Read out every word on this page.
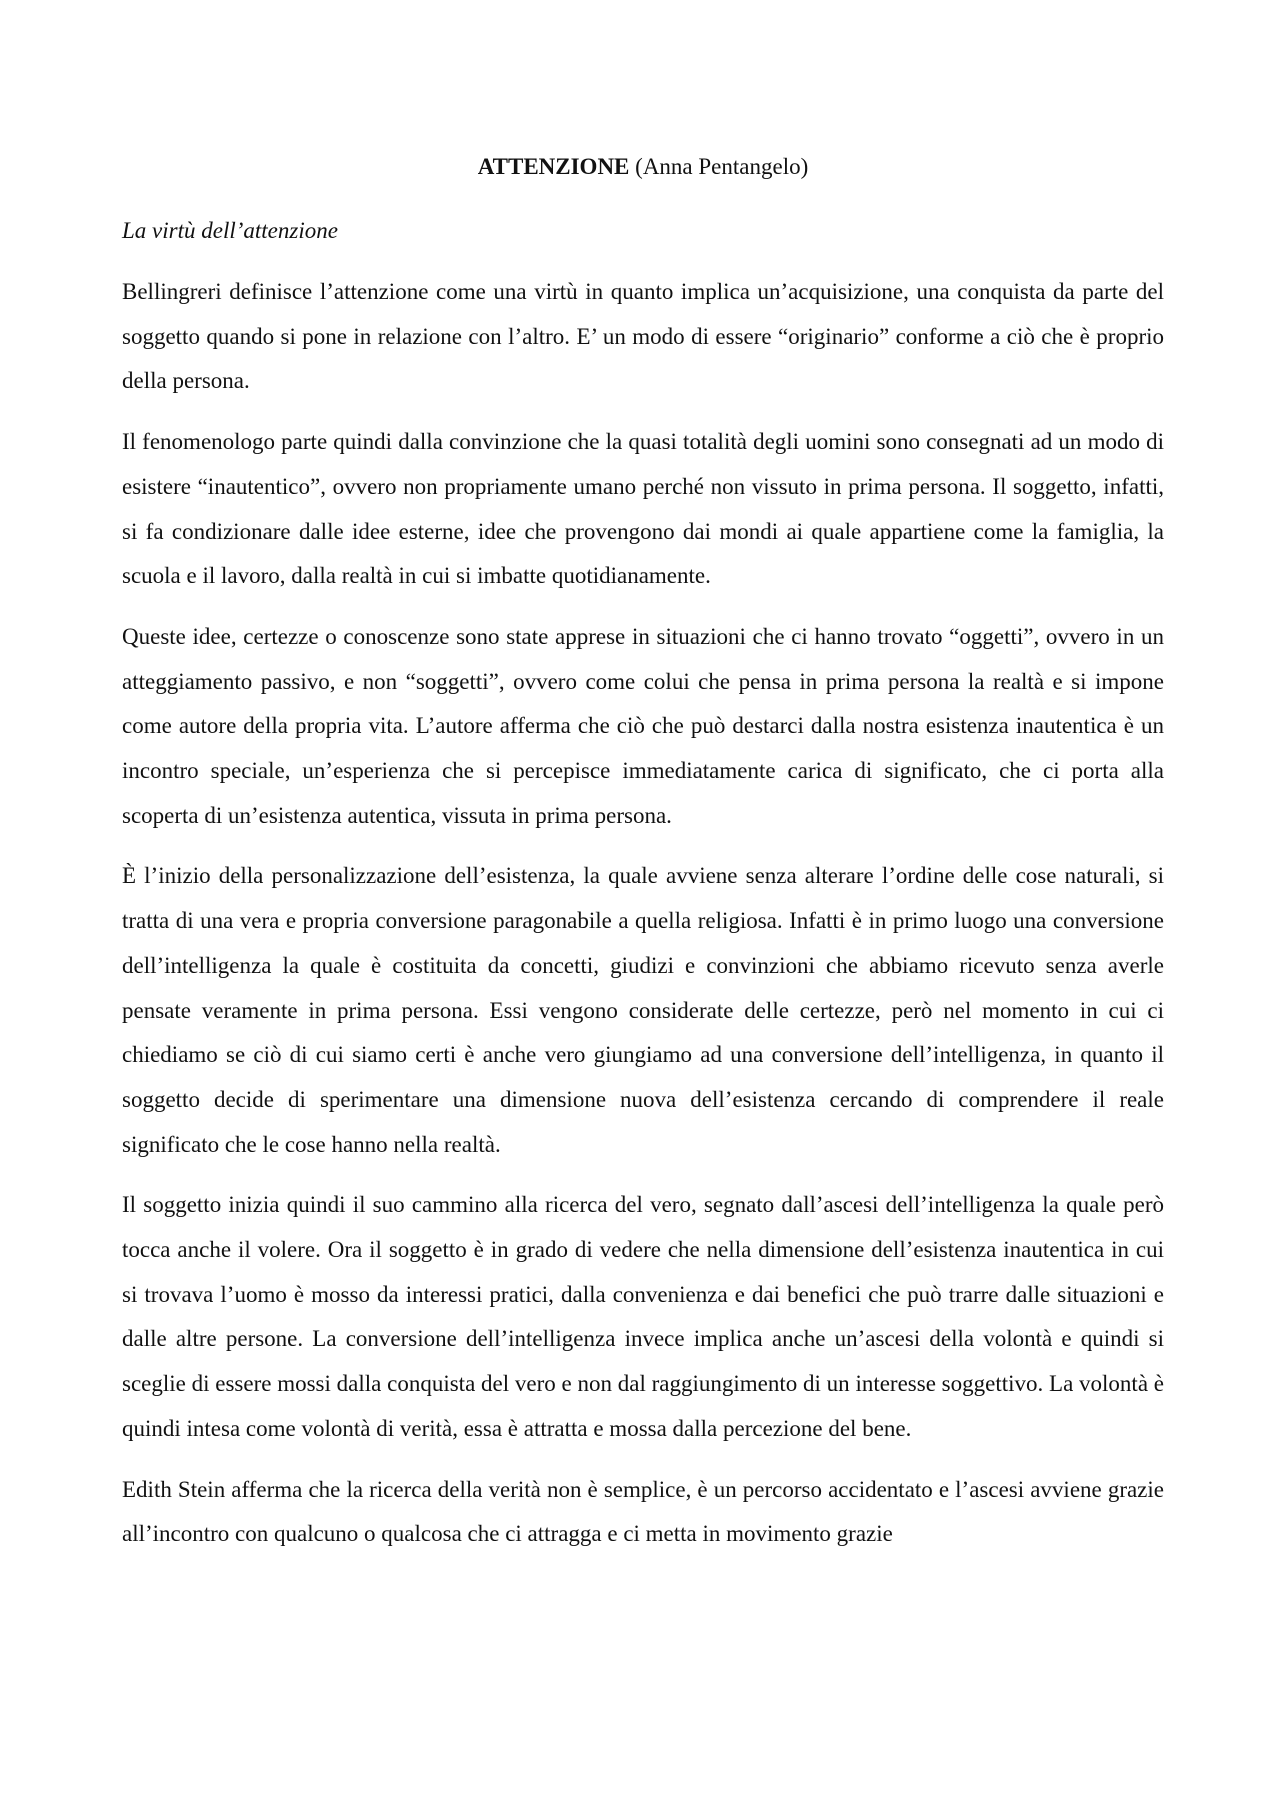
ATTENZIONE (Anna Pentangelo)
La virtù dell’attenzione

Bellingreri definisce l’attenzione come una virtù in quanto implica un’acquisizione, una conquista da parte del soggetto quando si pone in relazione con l’altro. E’ un modo di essere “originario” conforme a ciò che è proprio della persona.

Il fenomenologo parte quindi dalla convinzione che la quasi totalità degli uomini sono consegnati ad un modo di esistere “inautentico”, ovvero non propriamente umano perché non vissuto in prima persona. Il soggetto, infatti, si fa condizionare dalle idee esterne, idee che provengono dai mondi ai quale appartiene come la famiglia, la scuola e il lavoro, dalla realtà in cui si imbatte quotidianamente.

Queste idee, certezze o conoscenze sono state apprese in situazioni che ci hanno trovato “oggetti”, ovvero in un atteggiamento passivo, e non “soggetti”, ovvero come colui che pensa in prima persona la realtà e si impone come autore della propria vita. L’autore afferma che ciò che può destarci dalla nostra esistenza inautentica è un incontro speciale, un’esperienza che si percepisce immediatamente carica di significato, che ci porta alla scoperta di un’esistenza autentica, vissuta in prima persona.

È l’inizio della personalizzazione dell’esistenza, la quale avviene senza alterare l’ordine delle cose naturali, si tratta di una vera e propria conversione paragonabile a quella religiosa. Infatti è in primo luogo una conversione dell’intelligenza la quale è costituita da concetti, giudizi e convinzioni che abbiamo ricevuto senza averle pensate veramente in prima persona. Essi vengono considerate delle certezze, però nel momento in cui ci chiediamo se ciò di cui siamo certi è anche vero giungiamo ad una conversione dell’intelligenza, in quanto il soggetto decide di sperimentare una dimensione nuova dell’esistenza cercando di comprendere il reale significato che le cose hanno nella realtà.

Il soggetto inizia quindi il suo cammino alla ricerca del vero, segnato dall’ascesi dell’intelligenza la quale però tocca anche il volere. Ora il soggetto è in grado di vedere che nella dimensione dell’esistenza inautentica in cui si trovava l’uomo è mosso da interessi pratici, dalla convenienza e dai benefici che può trarre dalle situazioni e dalle altre persone. La conversione dell’intelligenza invece implica anche un’ascesi della volontà e quindi si sceglie di essere mossi dalla conquista del vero e non dal raggiungimento di un interesse soggettivo. La volontà è quindi intesa come volontà di verità, essa è attratta e mossa dalla percezione del bene.

Edith Stein afferma che la ricerca della verità non è semplice, è un percorso accidentato e l’ascesi avviene grazie all’incontro con qualcuno o qualcosa che ci attragga e ci metta in movimento grazie
